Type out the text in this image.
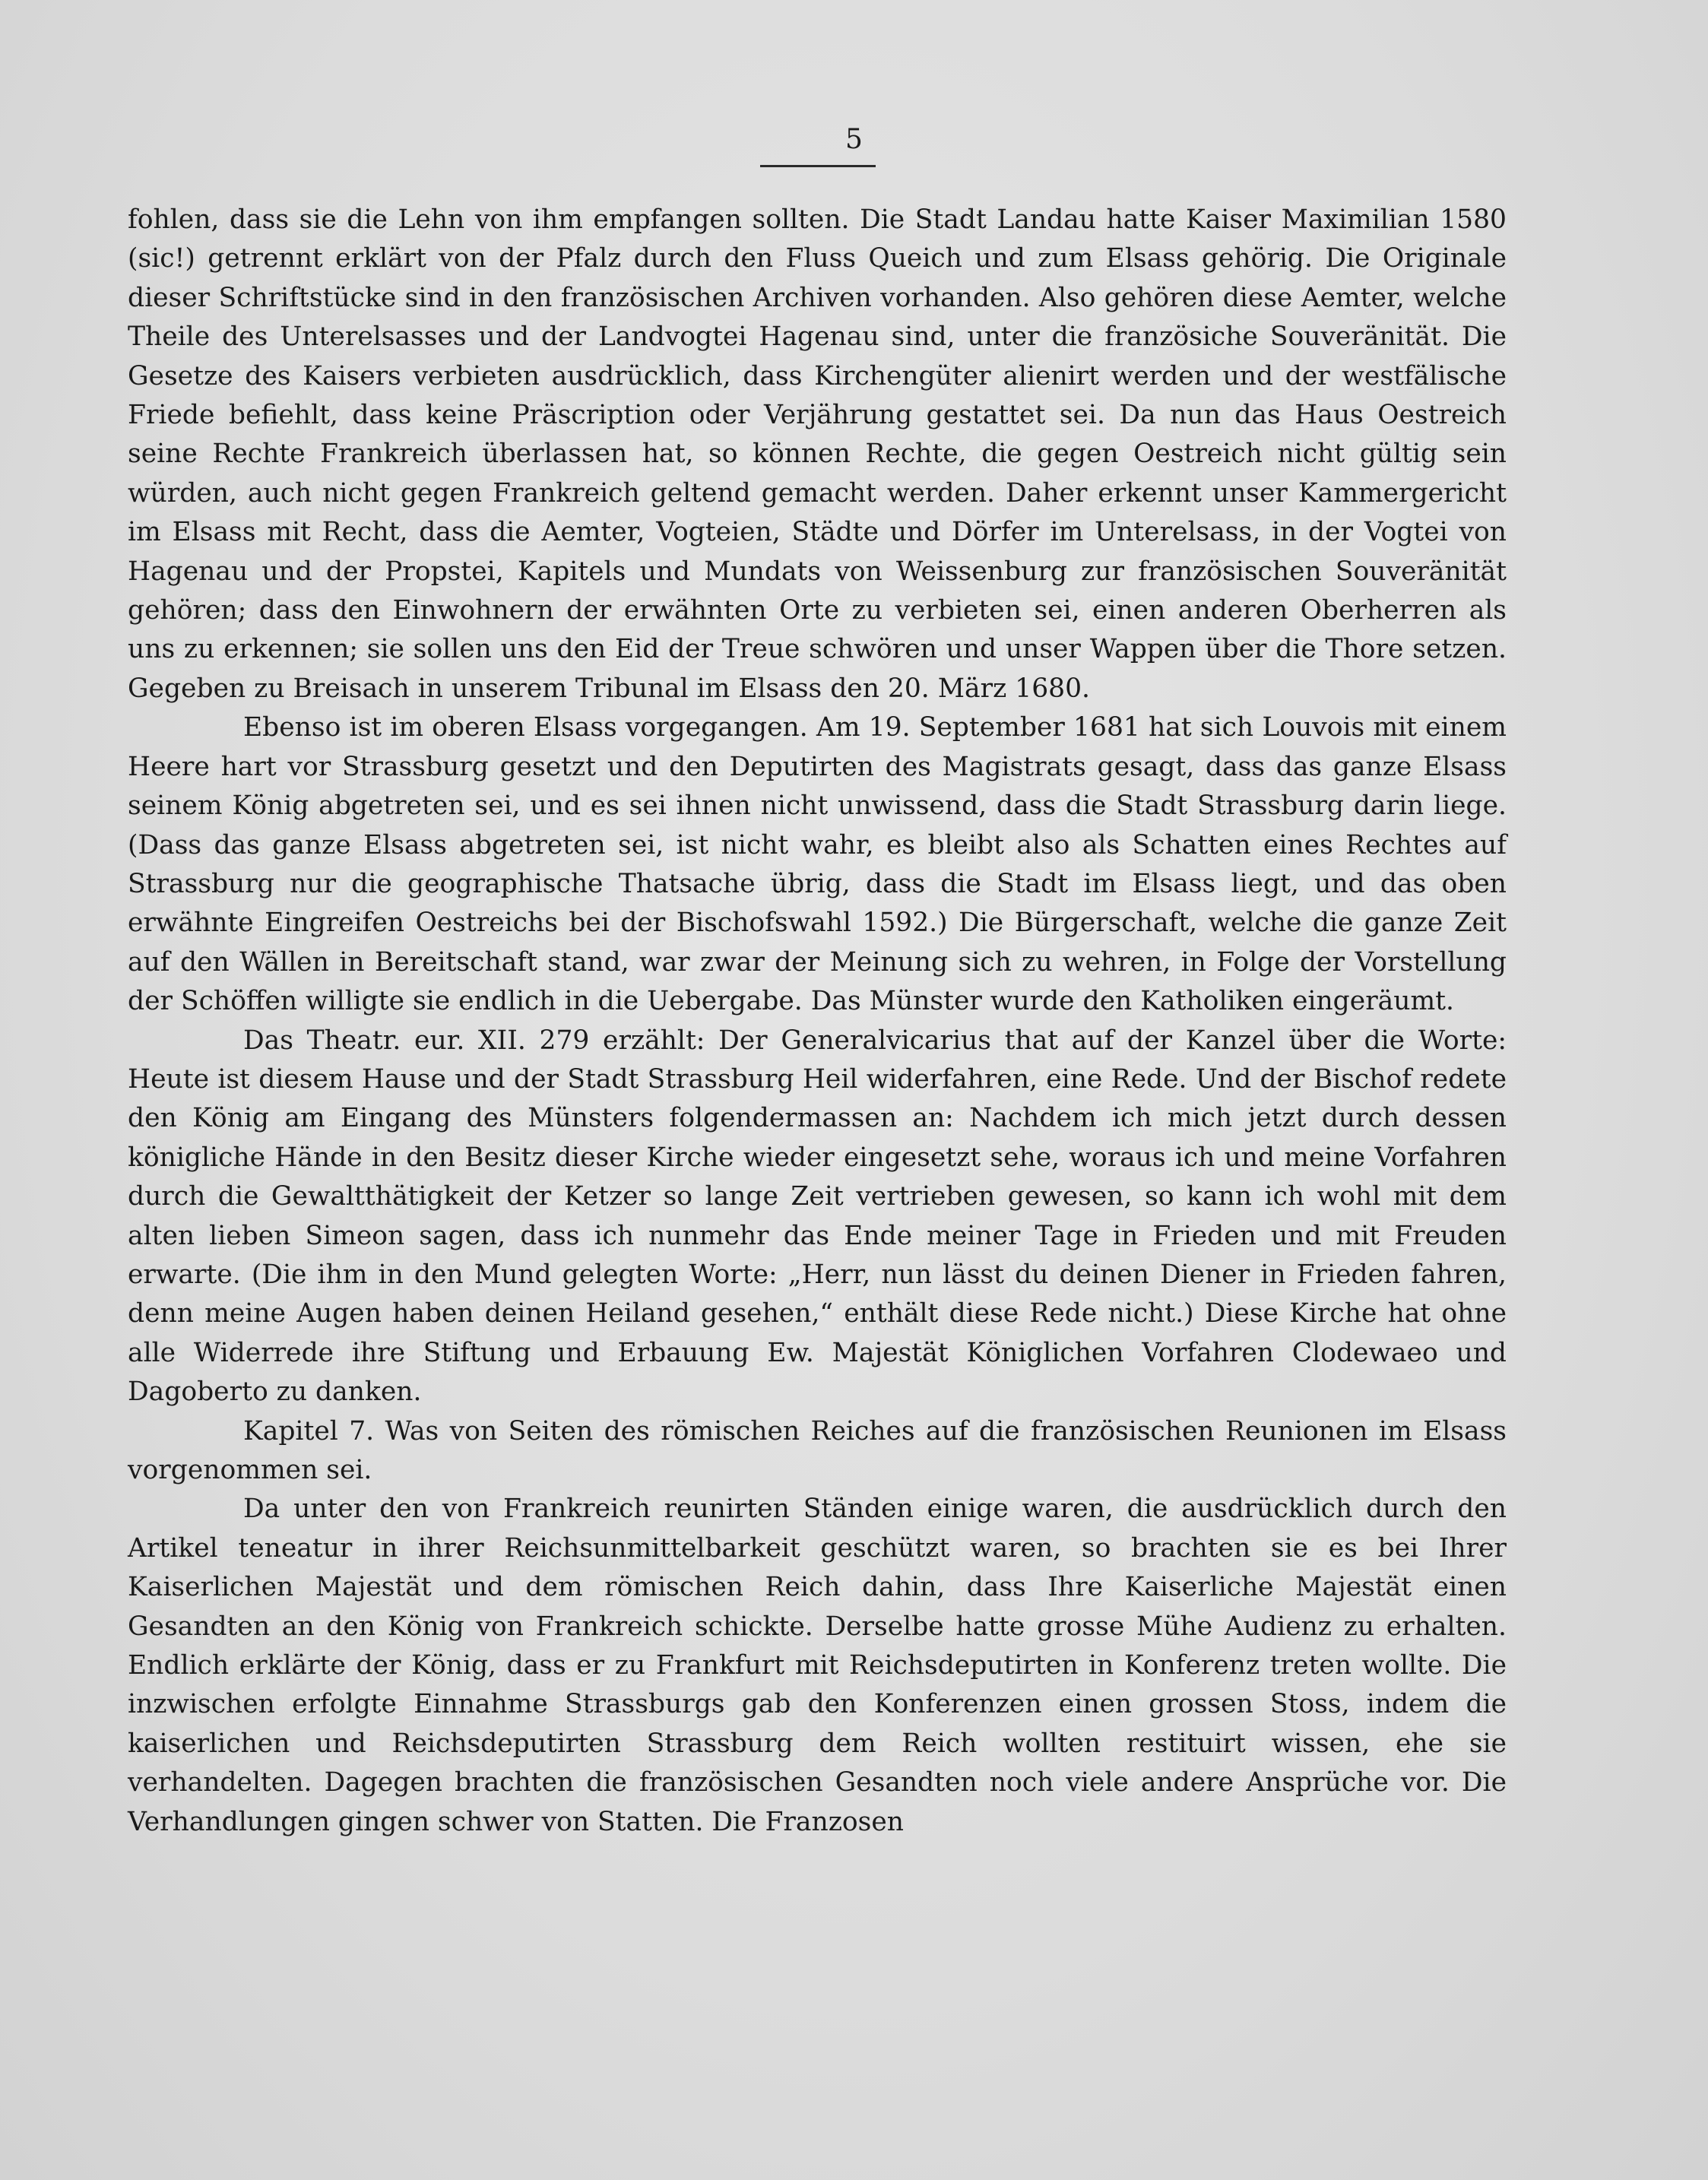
5

fohlen, dass sie die Lehn von ihm empfangen sollten. Die Stadt Landau hatte Kaiser Maximilian 1580 (sic!) getrennt erklärt von der Pfalz durch den Fluss Queich und zum Elsass gehörig. Die Originale dieser Schriftstücke sind in den französischen Archiven vorhanden. Also gehören diese Aemter, welche Theile des Unterelsasses und der Landvogtei Hagenau sind, unter die französiche Souveränität. Die Gesetze des Kaisers verbieten ausdrücklich, dass Kirchengüter alienirt werden und der westfälische Friede befiehlt, dass keine Präscription oder Verjährung gestattet sei. Da nun das Haus Oestreich seine Rechte Frankreich überlassen hat, so können Rechte, die gegen Oestreich nicht gültig sein würden, auch nicht gegen Frankreich geltend gemacht werden. Daher erkennt unser Kammergericht im Elsass mit Recht, dass die Aemter, Vogteien, Städte und Dörfer im Unterelsass, in der Vogtei von Hagenau und der Propstei, Kapitels und Mundats von Weissenburg zur französischen Souveränität gehören; dass den Einwohnern der erwähnten Orte zu verbieten sei, einen anderen Oberherren als uns zu erkennen; sie sollen uns den Eid der Treue schwören und unser Wappen über die Thore setzen. Gegeben zu Breisach in unserem Tribunal im Elsass den 20. März 1680.

Ebenso ist im oberen Elsass vorgegangen. Am 19. September 1681 hat sich Louvois mit einem Heere hart vor Strassburg gesetzt und den Deputirten des Magistrats gesagt, dass das ganze Elsass seinem König abgetreten sei, und es sei ihnen nicht unwissend, dass die Stadt Strassburg darin liege. (Dass das ganze Elsass abgetreten sei, ist nicht wahr, es bleibt also als Schatten eines Rechtes auf Strassburg nur die geographische Thatsache übrig, dass die Stadt im Elsass liegt, und das oben erwähnte Eingreifen Oestreichs bei der Bischofswahl 1592.) Die Bürgerschaft, welche die ganze Zeit auf den Wällen in Bereitschaft stand, war zwar der Meinung sich zu wehren, in Folge der Vorstellung der Schöffen willigte sie endlich in die Uebergabe. Das Münster wurde den Katholiken eingeräumt.

Das Theatr. eur. XII. 279 erzählt: Der Generalvicarius that auf der Kanzel über die Worte: Heute ist diesem Hause und der Stadt Strassburg Heil widerfahren, eine Rede. Und der Bischof redete den König am Eingang des Münsters folgendermassen an: Nachdem ich mich jetzt durch dessen königliche Hände in den Besitz dieser Kirche wieder eingesetzt sehe, woraus ich und meine Vorfahren durch die Gewaltthätigkeit der Ketzer so lange Zeit vertrieben gewesen, so kann ich wohl mit dem alten lieben Simeon sagen, dass ich nunmehr das Ende meiner Tage in Frieden und mit Freuden erwarte. (Die ihm in den Mund gelegten Worte: „Herr, nun lässt du deinen Diener in Frieden fahren, denn meine Augen haben deinen Heiland gesehen,“ enthält diese Rede nicht.) Diese Kirche hat ohne alle Widerrede ihre Stiftung und Erbauung Ew. Majestät Königlichen Vorfahren Clodewaeo und Dagoberto zu danken.

Kapitel 7. Was von Seiten des römischen Reiches auf die französischen Reunionen im Elsass vorgenommen sei.

Da unter den von Frankreich reunirten Ständen einige waren, die ausdrücklich durch den Artikel teneatur in ihrer Reichsunmittelbarkeit geschützt waren, so brachten sie es bei Ihrer Kaiserlichen Majestät und dem römischen Reich dahin, dass Ihre Kaiserliche Majestät einen Gesandten an den König von Frankreich schickte. Derselbe hatte grosse Mühe Audienz zu erhalten. Endlich erklärte der König, dass er zu Frankfurt mit Reichsdeputirten in Konferenz treten wollte. Die inzwischen erfolgte Einnahme Strassburgs gab den Konferenzen einen grossen Stoss, indem die kaiserlichen und Reichsdeputirten Strassburg dem Reich wollten restituirt wissen, ehe sie verhandelten. Dagegen brachten die französischen Gesandten noch viele andere Ansprüche vor. Die Verhandlungen gingen schwer von Statten. Die Franzosen
